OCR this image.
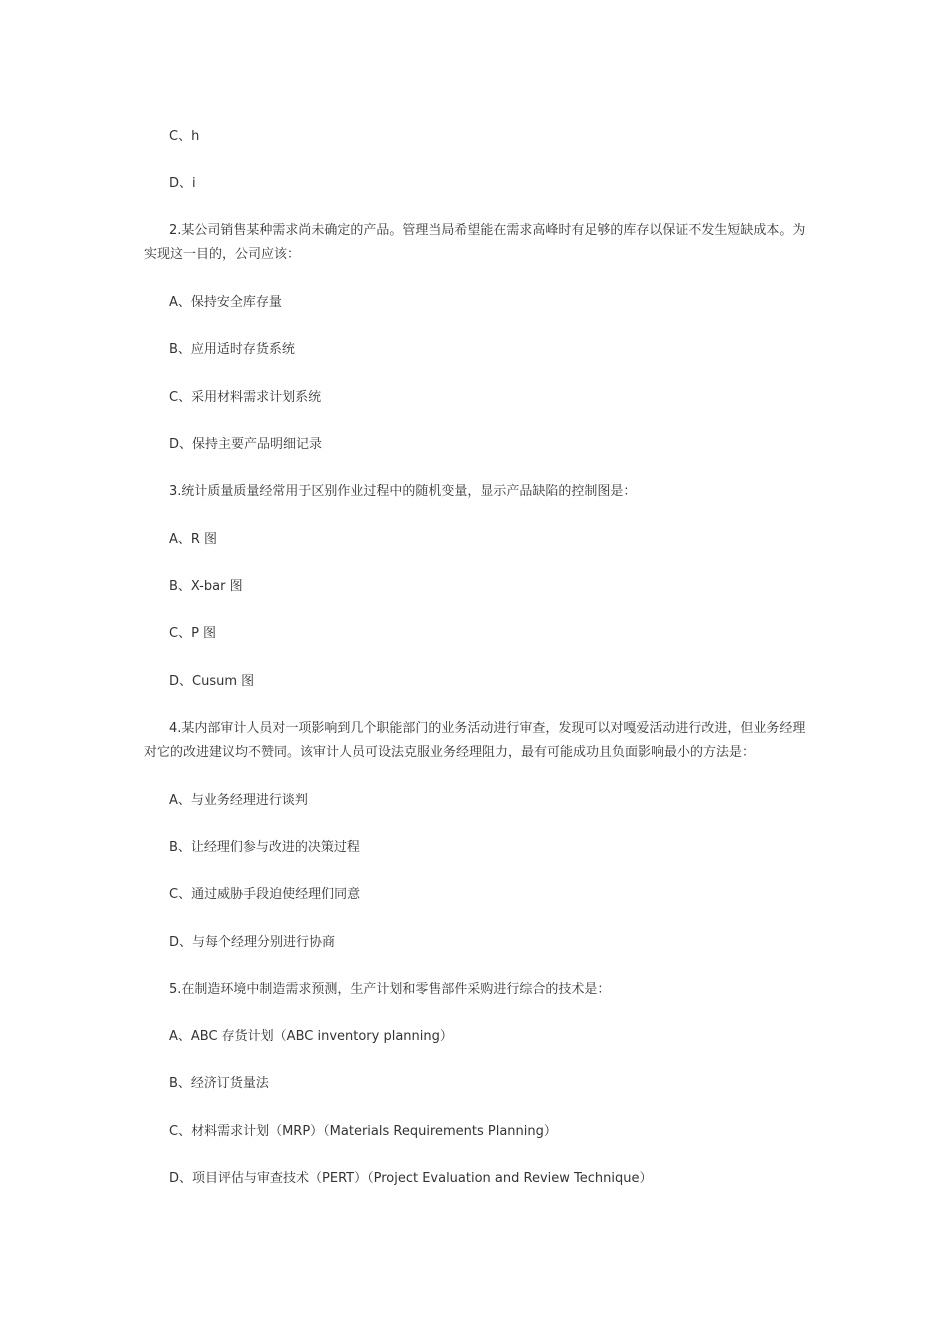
C、h
D、i
2.某公司销售某种需求尚未确定的产品。管理当局希望能在需求高峰时有足够的库存以保证不发生短缺成本。为实现这一目的，公司应该：
A、保持安全库存量
B、应用适时存货系统
C、采用材料需求计划系统
D、保持主要产品明细记录
3.统计质量质量经常用于区别作业过程中的随机变量，显示产品缺陷的控制图是：
A、R 图
B、X-bar 图
C、P 图
D、Cusum 图
4.某内部审计人员对一项影响到几个职能部门的业务活动进行审查，发现可以对嘎爱活动进行改进，但业务经理对它的改进建议均不赞同。该审计人员可设法克服业务经理阻力，最有可能成功且负面影响最小的方法是：
A、与业务经理进行谈判
B、让经理们参与改进的决策过程
C、通过威胁手段迫使经理们同意
D、与每个经理分别进行协商
5.在制造环境中制造需求预测，生产计划和零售部件采购进行综合的技术是：
A、ABC 存货计划（ABC inventory planning）
B、经济订货量法
C、材料需求计划（MRP）（Materials Requirements Planning）
D、项目评估与审查技术（PERT）（Project Evaluation and Review Technique）
